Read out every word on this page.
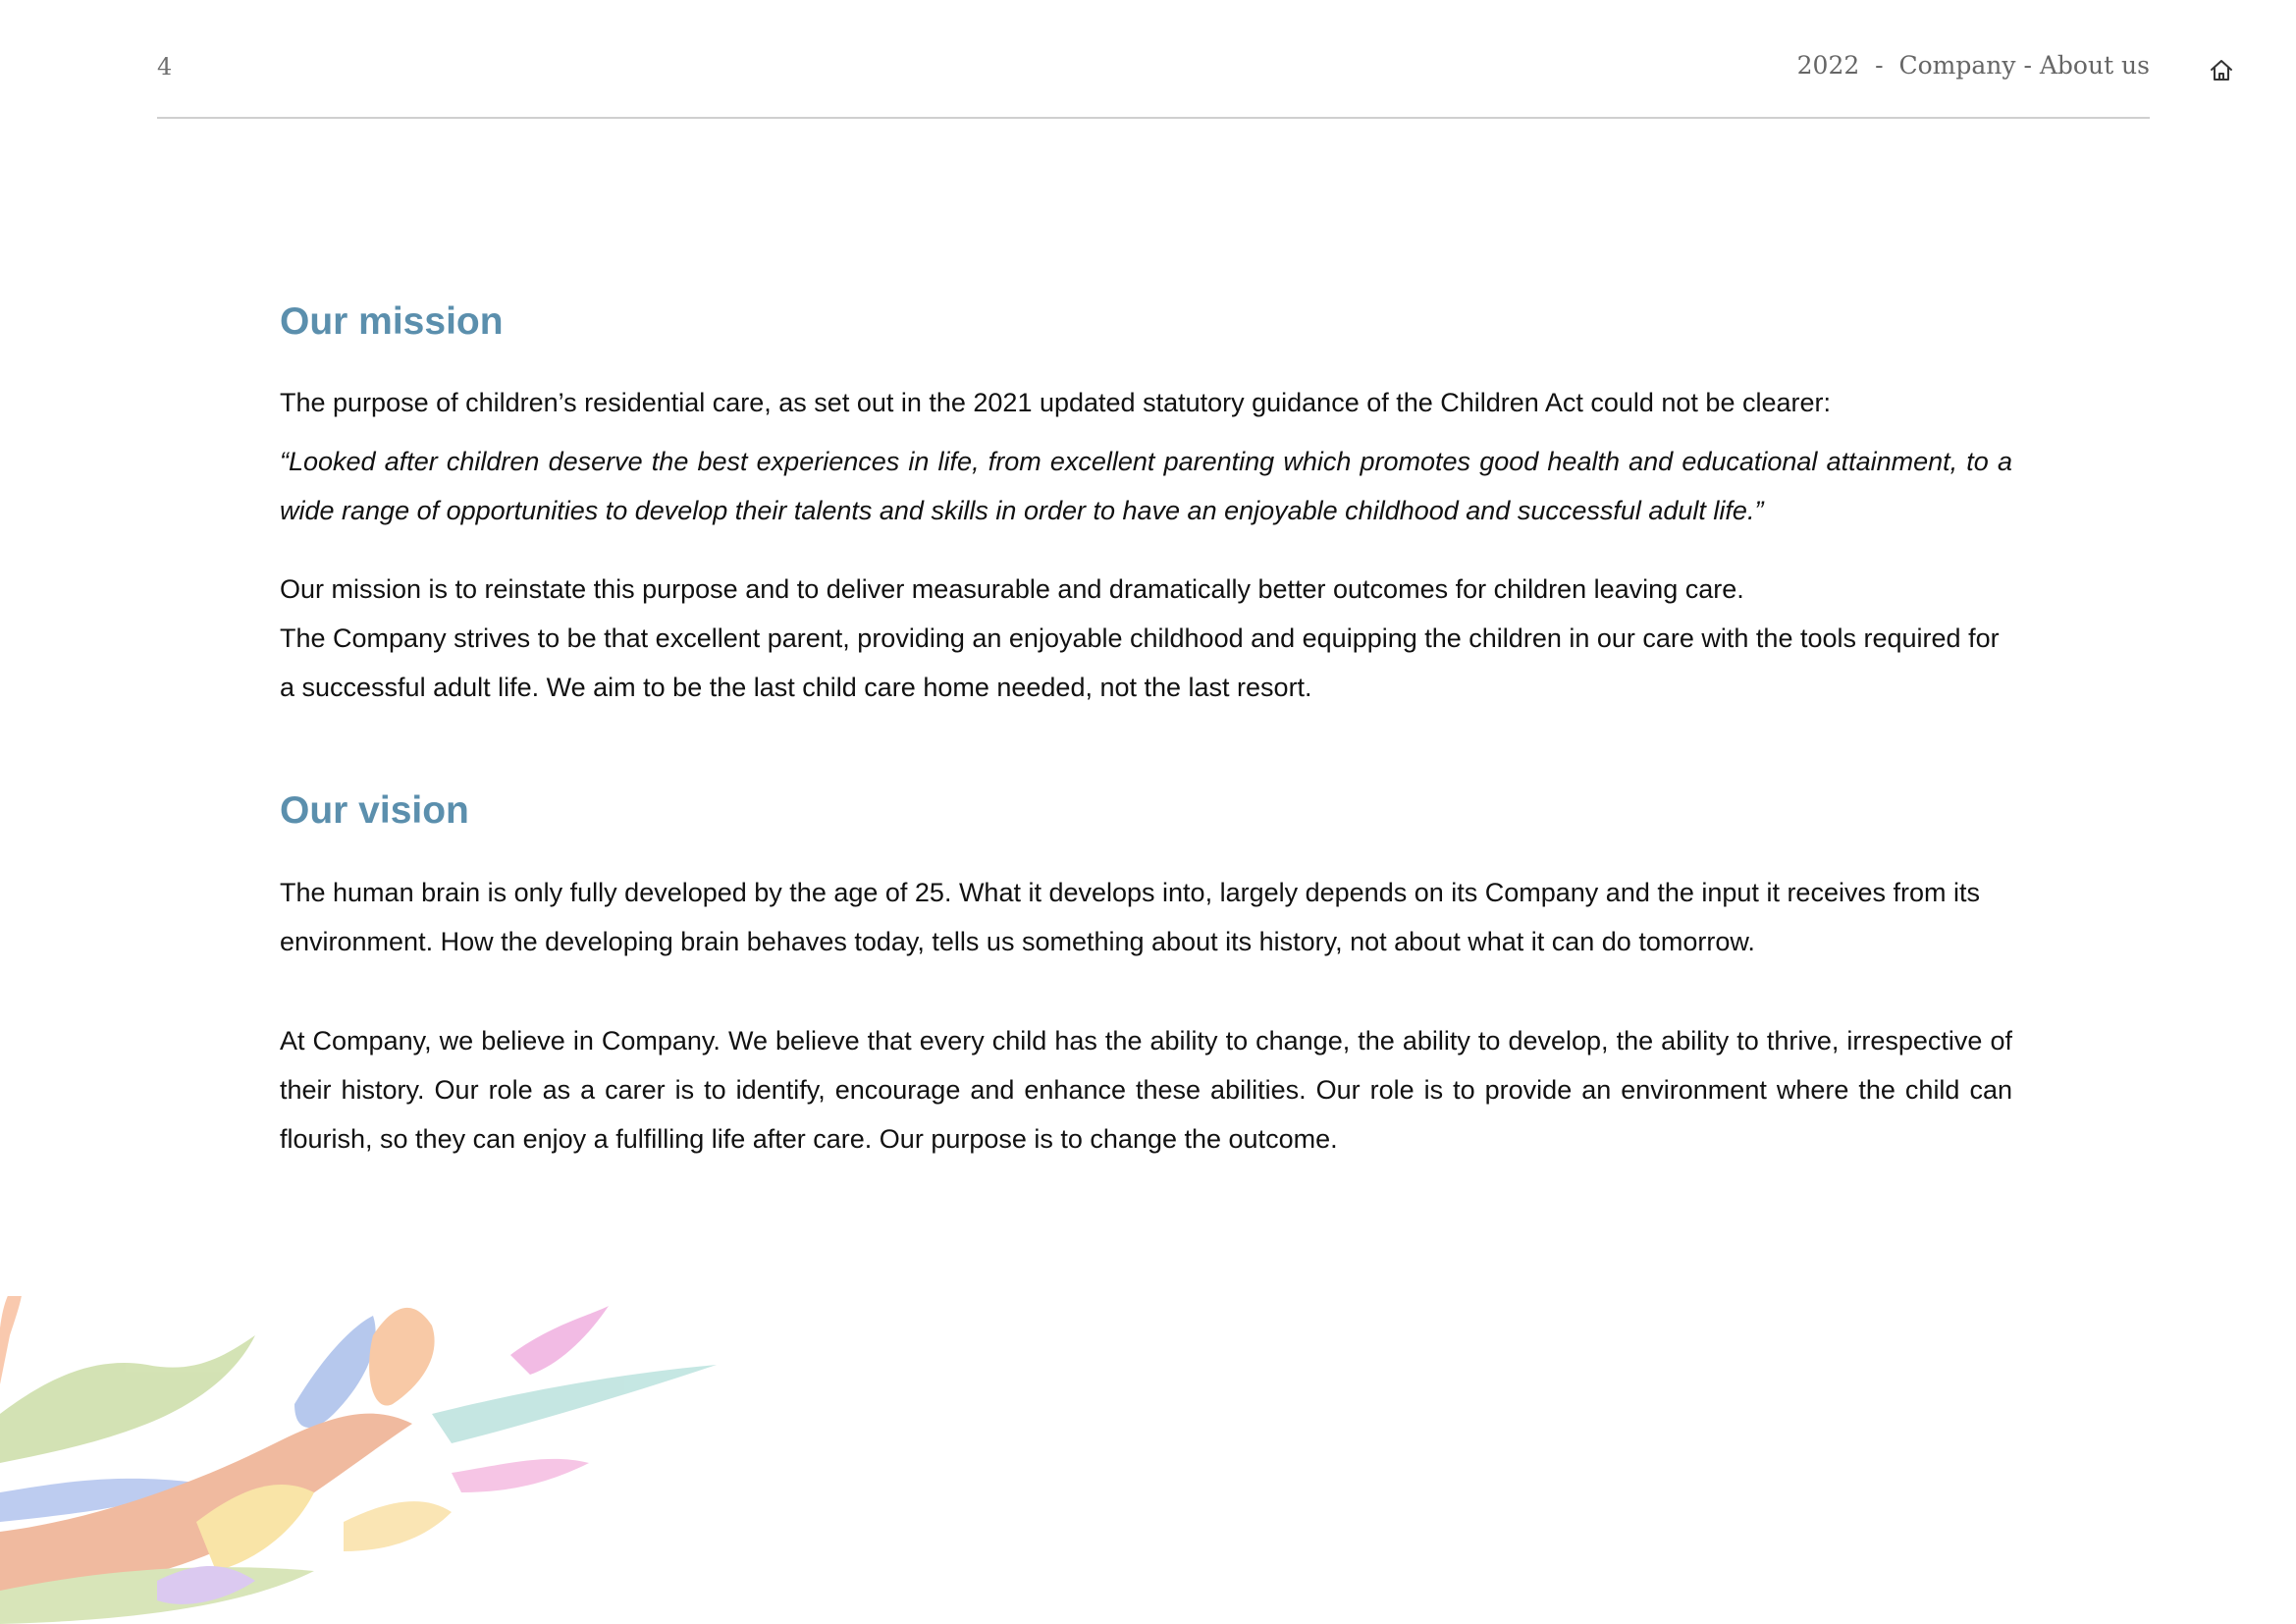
4	2022  -  Company - About us
Our mission

The purpose of children’s residential care, as set out in the 2021 updated statutory guidance of the Children Act could not be clearer:

“Looked after children deserve the best experiences in life, from excellent parenting which promotes good health and educational attainment, to a wide range of opportunities to develop their talents and skills in order to have an enjoyable childhood and successful adult life.”

Our mission is to reinstate this purpose and to deliver measurable and dramatically better outcomes for children leaving care.

The Company strives to be that excellent parent, providing an enjoyable childhood and equipping the children in our care with the tools required for a successful adult life. We aim to be the last child care home needed, not the last resort.

Our vision

The human brain is only fully developed by the age of 25. What it develops into, largely depends on its Company and the input it receives from its environment. How the developing brain behaves today, tells us something about its history, not about what it can do tomorrow.

At Company, we believe in Company. We believe that every child has the ability to change, the ability to develop, the ability to thrive, irrespective of their history. Our role as a carer is to identify, encourage and enhance these abilities. Our role is to provide an environment where the child can flourish, so they can enjoy a fulfilling life after care. Our purpose is to change the outcome.
